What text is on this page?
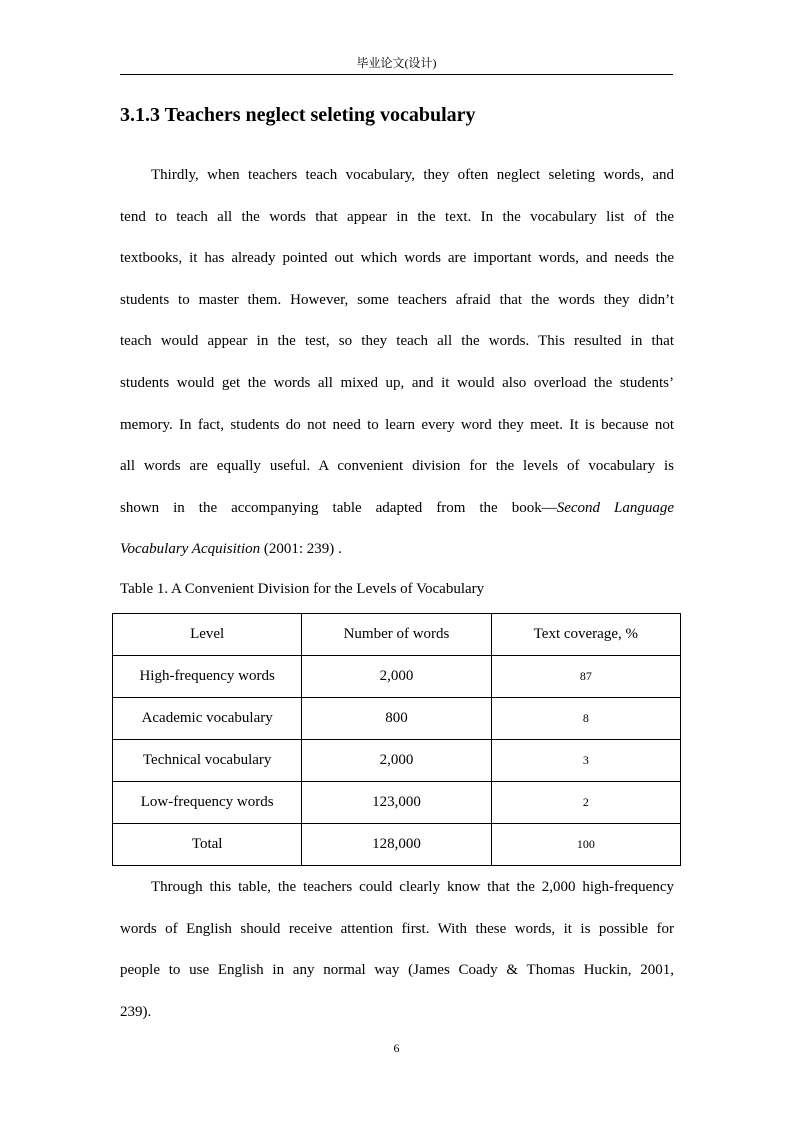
毕业论文(设计)
3.1.3 Teachers neglect seleting vocabulary
Thirdly, when teachers teach vocabulary, they often neglect seleting words, and
tend to teach all the words that appear in the text. In the vocabulary list of the
textbooks, it has already pointed out which words are important words, and needs the
students to master them. However, some teachers afraid that the words they didn’t
teach would appear in the test, so they teach all the words. This resulted in that
students would get the words all mixed up, and it would also overload the students’
memory. In fact, students do not need to learn every word they meet. It is because not
all words are equally useful. A convenient division for the levels of vocabulary is
shown in the accompanying table adapted from the book—Second Language
Vocabulary Acquisition (2001: 239) .
Table 1. A Convenient Division for the Levels of Vocabulary
Level	Number of words	Text coverage, %
High-frequency words	2,000	87
Academic vocabulary	800	8
Technical vocabulary	2,000	3
Low-frequency words	123,000	2
Total	128,000	100
Through this table, the teachers could clearly know that the 2,000 high-frequency
words of English should receive attention first. With these words, it is possible for
people to use English in any normal way (James Coady & Thomas Huckin, 2001,
239).
6
